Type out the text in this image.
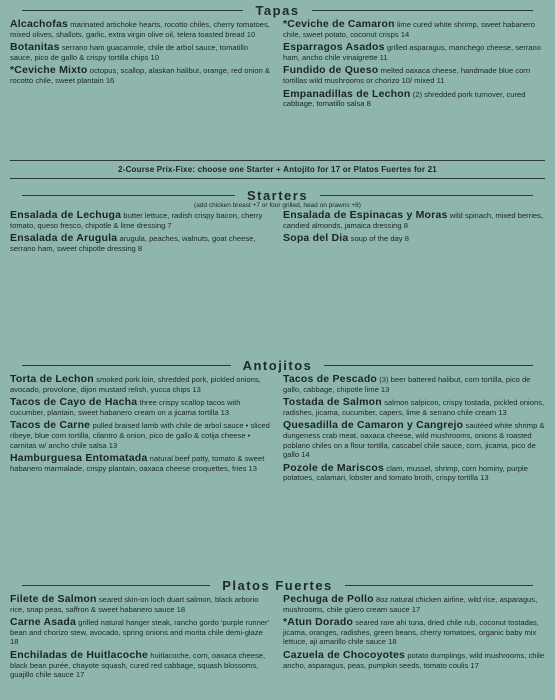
Tapas
Alcachofas marinated artichoke hearts, rocotto chiles, cherry tomatoes, mixed olives, shallots, garlic, extra virgin olive oil, telera toasted bread 10
Botanitas serrano ham guacamole, chile de arbol sauce, tomatillo sauce, pico de gallo & crispy tortilla chips 10
*Ceviche Mixto octopus, scallop, alaskan halibut, orange, red onion & rocotto chile, sweet plantain 16
*Ceviche de Camaron lime cured white shrimp, sweet habanero chile, sweet potato, coconut crisps 14
Esparragos Asados grilled asparagus, manchego cheese, serrano ham, ancho chile vinaigrette 11
Fundido de Queso melted oaxaca cheese, handmade blue corn tortillas wild mushrooms or chorizo 10/ mixed 11
Empanadillas de Lechon (2) shredded pork turnover, cured cabbage, tomatillo salsa 8
2-Course Prix-Fixe: choose one Starter + Antojito for 17 or Platos Fuertes for 21
Starters
(add chicken breast +7 or four grilled, head on prawns +8)
Ensalada de Lechuga butter lettuce, radish crispy bacon, cherry tomato, queso fresco, chipotle & lime dressing 7
Ensalada de Arugula arugula, peaches, walnuts, goat cheese, serrano ham, sweet chipotle dressing 8
Ensalada de Espinacas y Moras wild spinach, mixed berries, candied almonds, jamaica dressing 8
Sopa del Dia soup of the day 8
Antojitos
Torta de Lechon smoked pork loin, shredded pork, pickled onions, avocado, provolone, dijon mustard relish, yucca chips 13
Tacos de Cayo de Hacha three crispy scallop tacos with cucumber, plantain, sweet habanero cream on a jicama tortilla 13
Tacos de Carne pulled braised lamb with chile de arbol sauce • sliced ribeye, blue corn tortilla, cilantro & onion, pico de gallo & cotija cheese • carnitas w/ ancho chile salsa 13
Hamburguesa Entomatada natural beef patty, tomato & sweet habanero marmalade, crispy plantain, oaxaca cheese croquettes, fries 13
Tacos de Pescado (3) beer battered halibut, corn tortilla, pico de gallo, cabbage, chipotle lime 13
Tostada de Salmon salmon salpicon, crispy tostada, pickled onions, radishes, jicama, cucumber, capers, lime & serrano chile cream 13
Quesadilla de Camaron y Cangrejo sautéed white shrimp & dungeness crab meat, oaxaca cheese, wild mushrooms, onions & roasted poblano chiles on a flour tortilla, cascabel chile sauce, corn, jicama, pico de gallo 14
Pozole de Mariscos clam, mussel, shrimp, corn hominy, purple potatoes, calamari, lobster and tomato broth, crispy tortilla 13
Platos Fuertes
Filete de Salmon seared skin-on loch duart salmon, black arborio rice, snap peas, saffron & sweet habanero sauce 18
Carne Asada grilled natural hanger steak, rancho gordo 'purple runner' bean and chorizo stew, avocado, spring onions and morita chile demi-glaze 18
Enchiladas de Huitlacoche huitlacoche, corn, oaxaca cheese, black bean purée, chayote squash, cured red cabbage, squash blossoms, guajillo chile sauce 17
Pechuga de Pollo 8oz natural chicken airline, wild rice, asparagus, mushrooms, chile güero cream sauce 17
*Atun Dorado seared rare ahi tuna, dried chile rub, coconut tostadas, jicama, oranges, radishes, green beans, cherry tomatoes, organic baby mix lettuce, aji amarillo chile sauce 18
Cazuela de Chocoyotes potato dumplings, wild mushrooms, chile ancho, asparagus, peas, pumpkin seeds, tomato coulis 17
